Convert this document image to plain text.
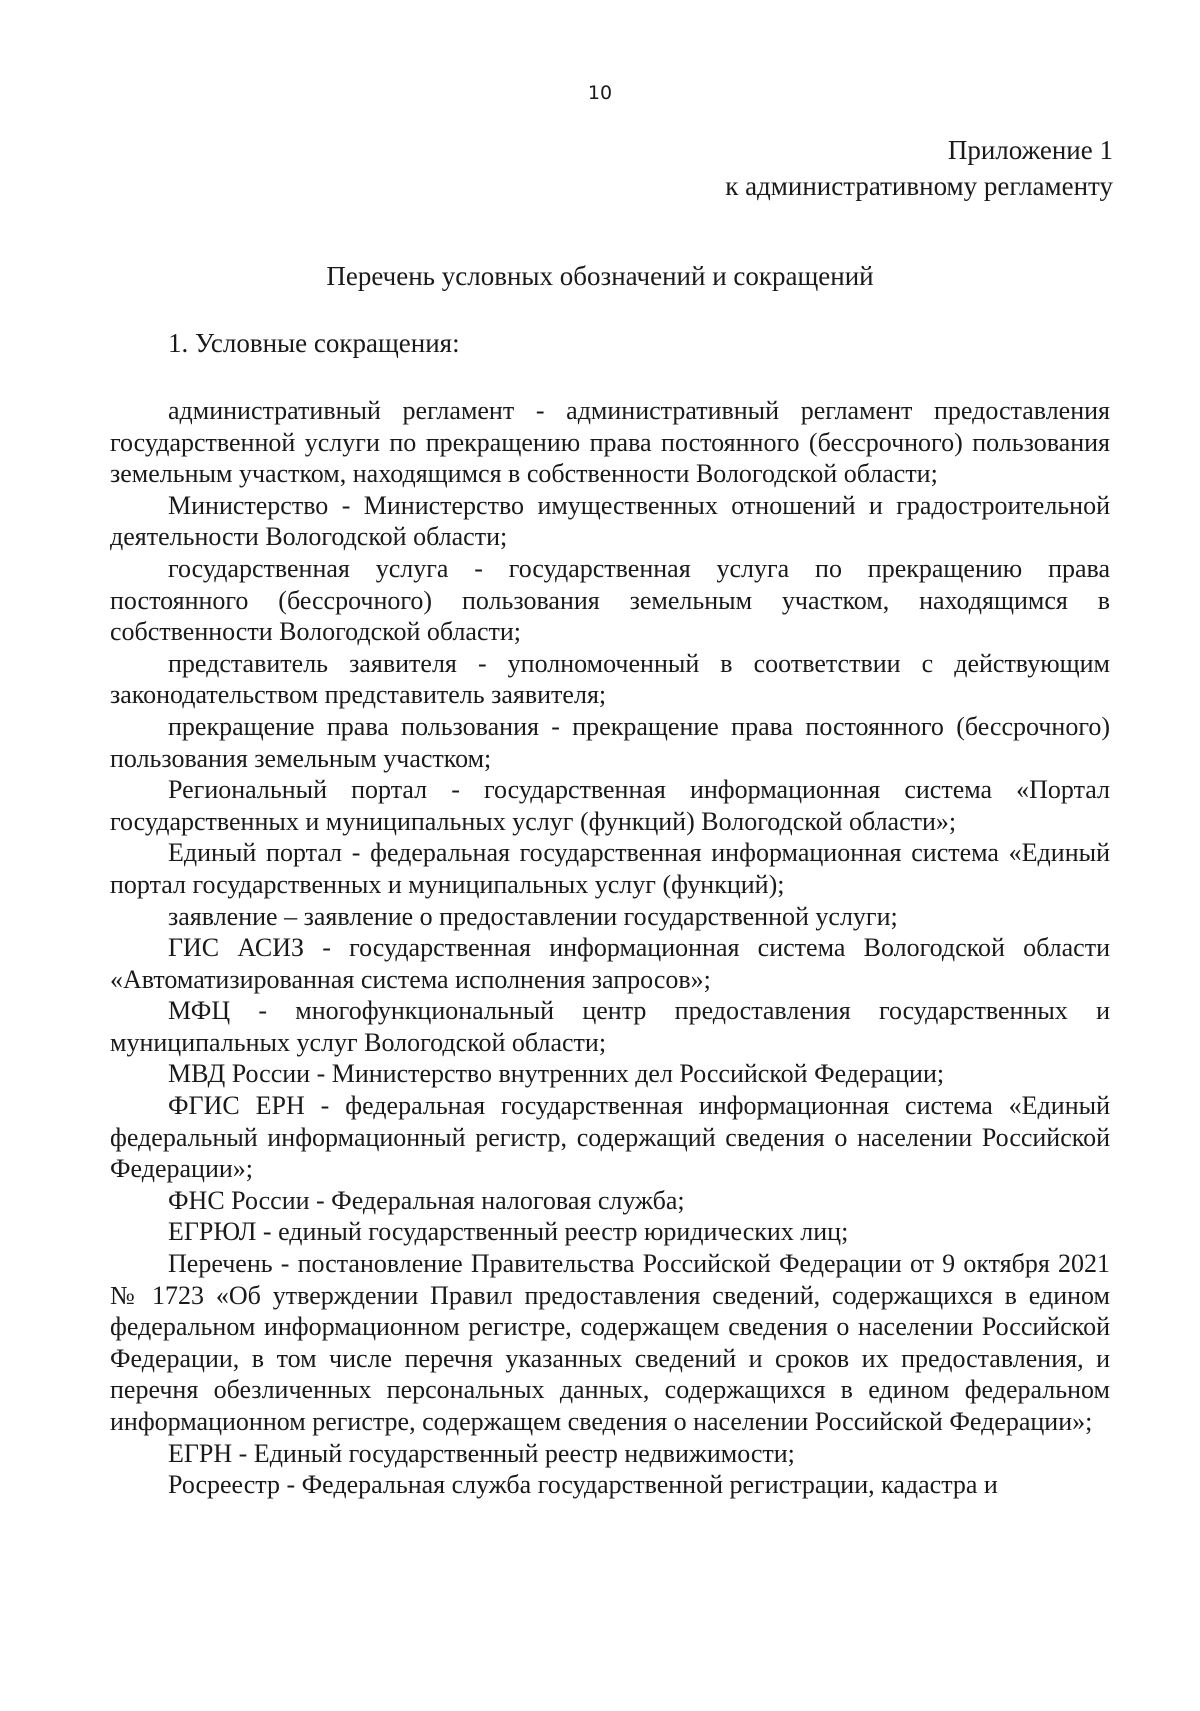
10
Приложение 1
к административному регламенту
Перечень условных обозначений и сокращений
1. Условные сокращения:

административный регламент - административный регламент предоставления государственной услуги по прекращению права постоянного (бессрочного) пользования земельным участком, находящимся в собственности Вологодской области;

Министерство - Министерство имущественных отношений и градостроительной деятельности Вологодской области;

государственная услуга - государственная услуга по прекращению права постоянного (бессрочного) пользования земельным участком, находящимся в собственности Вологодской области;

представитель заявителя - уполномоченный в соответствии с действующим законодательством представитель заявителя;

прекращение права пользования - прекращение права постоянного (бессрочного) пользования земельным участком;

Региональный портал - государственная информационная система «Портал государственных и муниципальных услуг (функций) Вологодской области»;

Единый портал - федеральная государственная информационная система «Единый портал государственных и муниципальных услуг (функций);

заявление – заявление о предоставлении государственной услуги;

ГИС АСИЗ - государственная информационная система Вологодской области «Автоматизированная система исполнения запросов»;

МФЦ - многофункциональный центр предоставления государственных и муниципальных услуг Вологодской области;

МВД России - Министерство внутренних дел Российской Федерации;

ФГИС ЕРН - федеральная государственная информационная система «Единый федеральный информационный регистр, содержащий сведения о населении Российской Федерации»;

ФНС России - Федеральная налоговая служба;

ЕГРЮЛ - единый государственный реестр юридических лиц;

Перечень - постановление Правительства Российской Федерации от 9 октября 2021 № 1723 «Об утверждении Правил предоставления сведений, содержащихся в едином федеральном информационном регистре, содержащем сведения о населении Российской Федерации, в том числе перечня указанных сведений и сроков их предоставления, и перечня обезличенных персональных данных, содержащихся в едином федеральном информационном регистре, содержащем сведения о населении Российской Федерации»;

ЕГРН - Единый государственный реестр недвижимости;

Росреестр - Федеральная служба государственной регистрации, кадастра и
